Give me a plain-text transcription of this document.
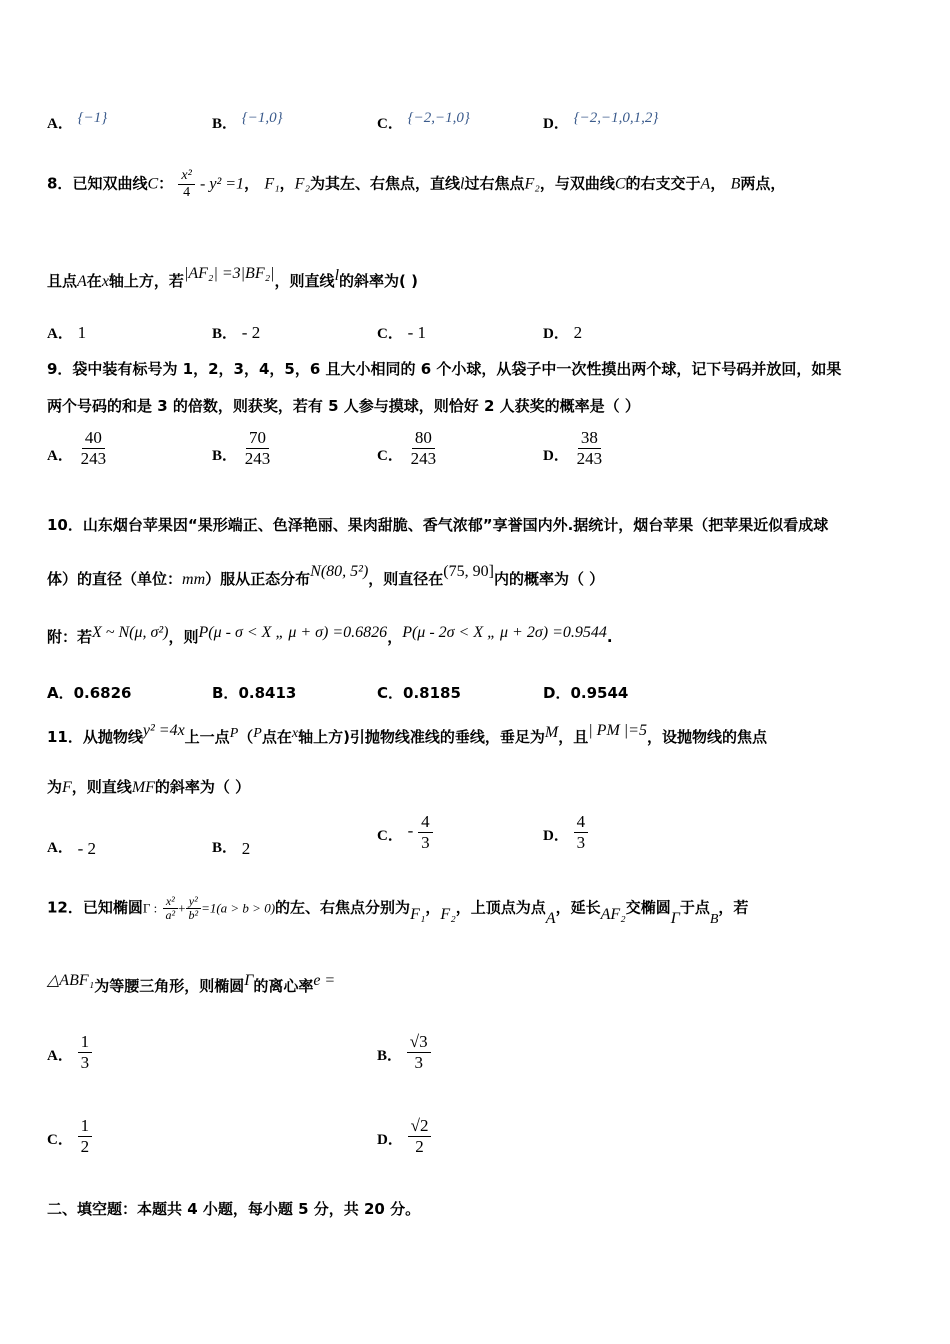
A． {−1}	B． {−1,0}	C． {−2,−1,0}	D． {−2,−1,0,1,2}
8．已知双曲线C： $\frac{\text{x²}}{4} - y^2 =1$， F₁，F₂为其左、右焦点，直线l过右焦点F₂，与双曲线C的右支交于A， B两点，
且点A在x轴上方，若|AF₂| =3|BF₂|，则直线l的斜率为( )
A． 1	B． - 2	C． - 1	D． 2
9．袋中装有标号为 1，2，3，4，5，6 且大小相同的 6 个小球，从袋子中一次性摸出两个球，记下号码并放回，如果
两个号码的和是 3 的倍数，则获奖，若有 5 人参与摸球，则恰好 2 人获奖的概率是（ ）
A． $\frac{40}{243}$	B． $\frac{70}{243}$	C． $\frac{80}{243}$	D． $\frac{38}{243}$
10．山东烟台苹果因“果形端正、色泽艳丽、果肉甜脆、香气浓郁”享誉国内外.据统计，烟台苹果（把苹果近似看成球
体）的直径（单位：mm）服从正态分布N(80, 5²)，则直径在(75, 90]内的概率为（ ）
附：若X ~ N(μ, σ²)，则P(μ - σ < X „ μ + σ) =0.6826，P(μ - 2σ < X „ μ + 2σ) =0.9544.
A．0.6826	B．0.8413	C．0.8185	D．0.9544
11．从抛物线y² =4x上一点P（P点在x轴上方)引抛物线准线的垂线，垂足为M，且| PM |=5，设抛物线的焦点
为F，则直线MF的斜率为（ ）
A． - 2	B． 2
C． - $\frac{4}{3}$	D． $\frac{4}{3}$
12．已知椭圆Γ : $\frac{\text{x²}}{\text{a²}} + \frac{\text{y²}}{\text{b²}} =1(a > b > 0)$的左、右焦点分别为F₁，F₂，上顶点为点A，延长AF₂交椭圆Γ于点B，若
△ABF₁为等腰三角形，则椭圆Γ的离心率e =
A． $\frac{1}{3}$	B． $\frac{√3}{3}$
C． $\frac{1}{2}$	D． $\frac{√2}{2}$
二、填空题：本题共 4 小题，每小题 5 分，共 20 分。
